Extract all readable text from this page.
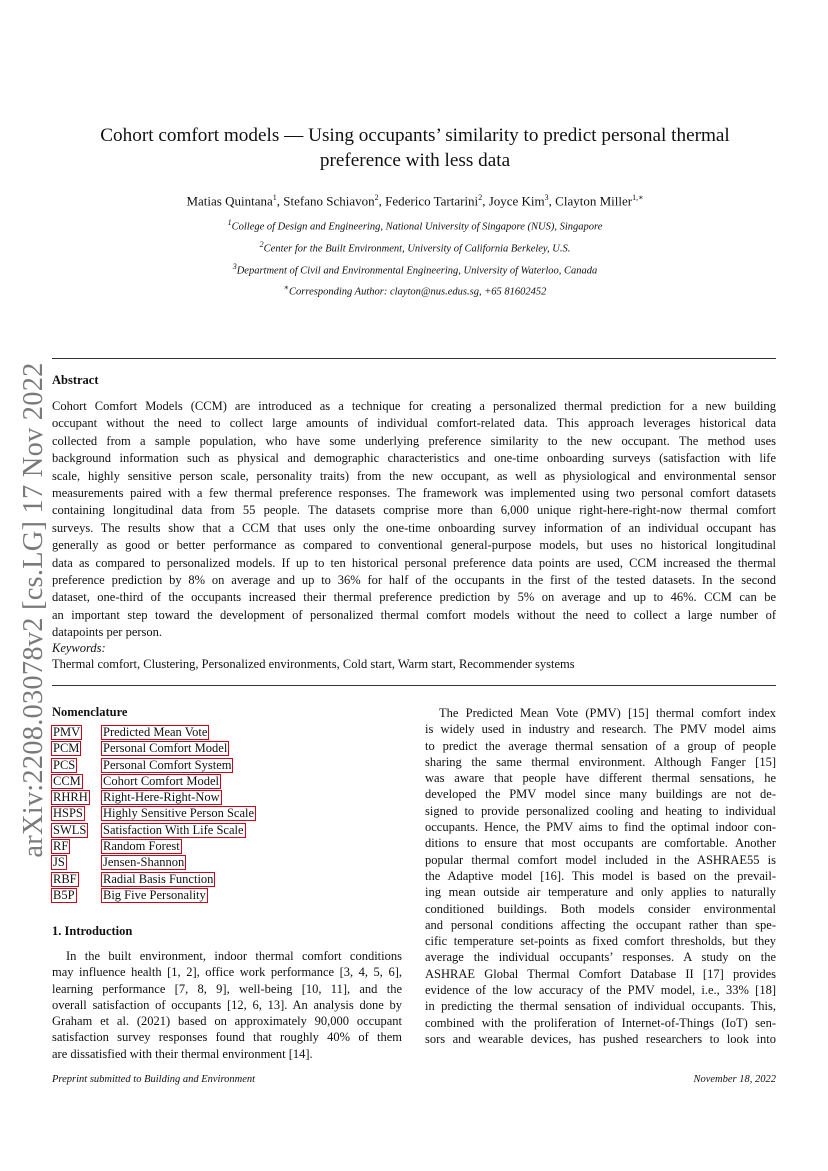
arXiv:2208.03078v2 [cs.LG] 17 Nov 2022
Cohort comfort models — Using occupants’ similarity to predict personal thermal
preference with less data
Matias Quintana$^1$, Stefano Schiavon$^2$, Federico Tartarini$^2$, Joyce Kim$^3$, Clayton Miller$^{1,∗}$
$^1$College of Design and Engineering, National University of Singapore (NUS), Singapore
$^2$Center for the Built Environment, University of California Berkeley, U.S.
$^3$Department of Civil and Environmental Engineering, University of Waterloo, Canada
∗Corresponding Author: clayton@nus.edus.sg, +65 81602452
Abstract
Cohort Comfort Models (CCM) are introduced as a technique for creating a personalized thermal prediction for a new building
occupant without the need to collect large amounts of individual comfort-related data. This approach leverages historical data
collected from a sample population, who have some underlying preference similarity to the new occupant. The method uses
background information such as physical and demographic characteristics and one-time onboarding surveys (satisfaction with life
scale, highly sensitive person scale, personality traits) from the new occupant, as well as physiological and environmental sensor
measurements paired with a few thermal preference responses. The framework was implemented using two personal comfort datasets
containing longitudinal data from 55 people. The datasets comprise more than 6,000 unique right-here-right-now thermal comfort
surveys. The results show that a CCM that uses only the one-time onboarding survey information of an individual occupant has
generally as good or better performance as compared to conventional general-purpose models, but uses no historical longitudinal
data as compared to personalized models. If up to ten historical personal preference data points are used, CCM increased the thermal
preference prediction by 8% on average and up to 36% for half of the occupants in the first of the tested datasets. In the second
dataset, one-third of the occupants increased their thermal preference prediction by 5% on average and up to 46%. CCM can be
an important step toward the development of personalized thermal comfort models without the need to collect a large number of
datapoints per person.
Keywords:
Thermal comfort, Clustering, Personalized environments, Cold start, Warm start, Recommender systems
Nomenclature
PMV Predicted Mean Vote
PCM Personal Comfort Model
PCS Personal Comfort System
CCM Cohort Comfort Model
RHRH Right-Here-Right-Now
HSPS Highly Sensitive Person Scale
SWLS Satisfaction With Life Scale
RF	Random Forest
JS	Jensen-Shannon
RBF Radial Basis Function
B5P Big Five Personality
1. Introduction
In the built environment, indoor thermal comfort conditions
may influence health [1, 2], office work performance [3, 4, 5, 6],
learning performance [7, 8, 9], well-being [10, 11], and the
overall satisfaction of occupants [12, 6, 13]. An analysis done by
Graham et al. (2021) based on approximately 90,000 occupant
satisfaction survey responses found that roughly 40% of them
are dissatisfied with their thermal environment [14].
The Predicted Mean Vote (PMV) [15] thermal comfort index
is widely used in industry and research. The PMV model aims
to predict the average thermal sensation of a group of people
sharing the same thermal environment. Although Fanger [15]
was aware that people have different thermal sensations, he
developed the PMV model since many buildings are not de-
signed to provide personalized cooling and heating to individual
occupants. Hence, the PMV aims to find the optimal indoor con-
ditions to ensure that most occupants are comfortable. Another
popular thermal comfort model included in the ASHRAE55 is
the Adaptive model [16]. This model is based on the prevail-
ing mean outside air temperature and only applies to naturally
conditioned buildings. Both models consider environmental
and personal conditions affecting the occupant rather than spe-
cific temperature set-points as fixed comfort thresholds, but they
average the individual occupants’ responses. A study on the
ASHRAE Global Thermal Comfort Database II [17] provides
evidence of the low accuracy of the PMV model, i.e., 33% [18]
in predicting the thermal sensation of individual occupants. This,
combined with the proliferation of Internet-of-Things (IoT) sen-
sors and wearable devices, has pushed researchers to look into
Preprint submitted to Building and Environment	November 18, 2022
